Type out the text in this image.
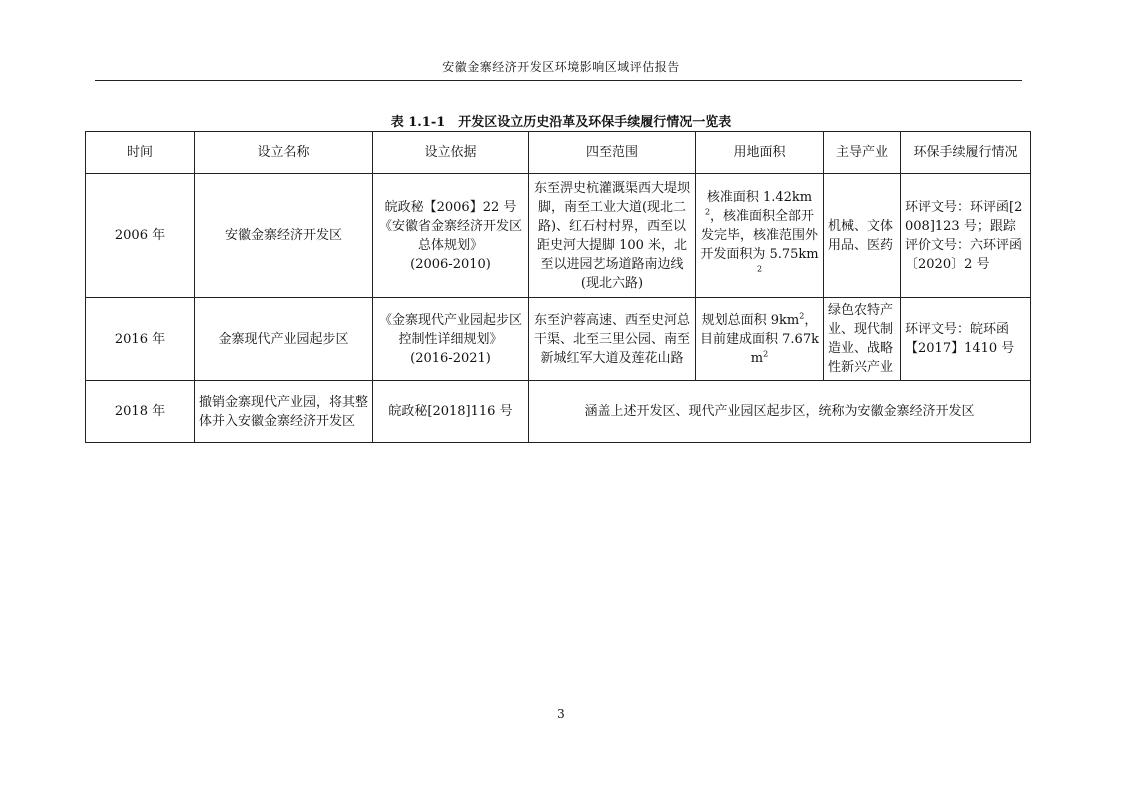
安徽金寨经济开发区环境影响区域评估报告
表 1.1-1　开发区设立历史沿革及环保手续履行情况一览表
时间	设立名称	设立依据	四至范围	用地面积	主导产业	环保手续履行情况
2006 年	安徽金寨经济开发区	皖政秘【2006】22 号
《安徽省金寨经济开发区总体规划》
(2006-2010)	东至淠史杭灌溉渠西大堤坝脚，南至工业大道(现北二路)、红石村村界，西至以距史河大提脚 100 米，北至以进园艺场道路南边线(现北六路)	核准面积 $1.42km^2$，核准面积全部开发完毕，核准范围外开发面积为 $5.75km^2$	机械、文体用品、医药	环评文号：环评函[2008]123 号；跟踪评价文号：六环评函〔2020〕2 号

2016 年	金寨现代产业园起步区	《金寨现代产业园起步区控制性详细规划》
(2016-2021)	东至沪蓉高速、西至史河总干渠、北至三里公园、南至新城红军大道及莲花山路	规划总面积 $9km^2$，目前建成面积 $7.67km^2$	绿色农特产业、现代制造业、战略性新兴产业	环评文号：皖环函【2017】1410 号

2018 年	撤销金寨现代产业园，将其整体并入安徽金寨经济开发区	皖政秘[2018]116 号	涵盖上述开发区、现代产业园区起步区，统称为安徽金寨经济开发区			
3
